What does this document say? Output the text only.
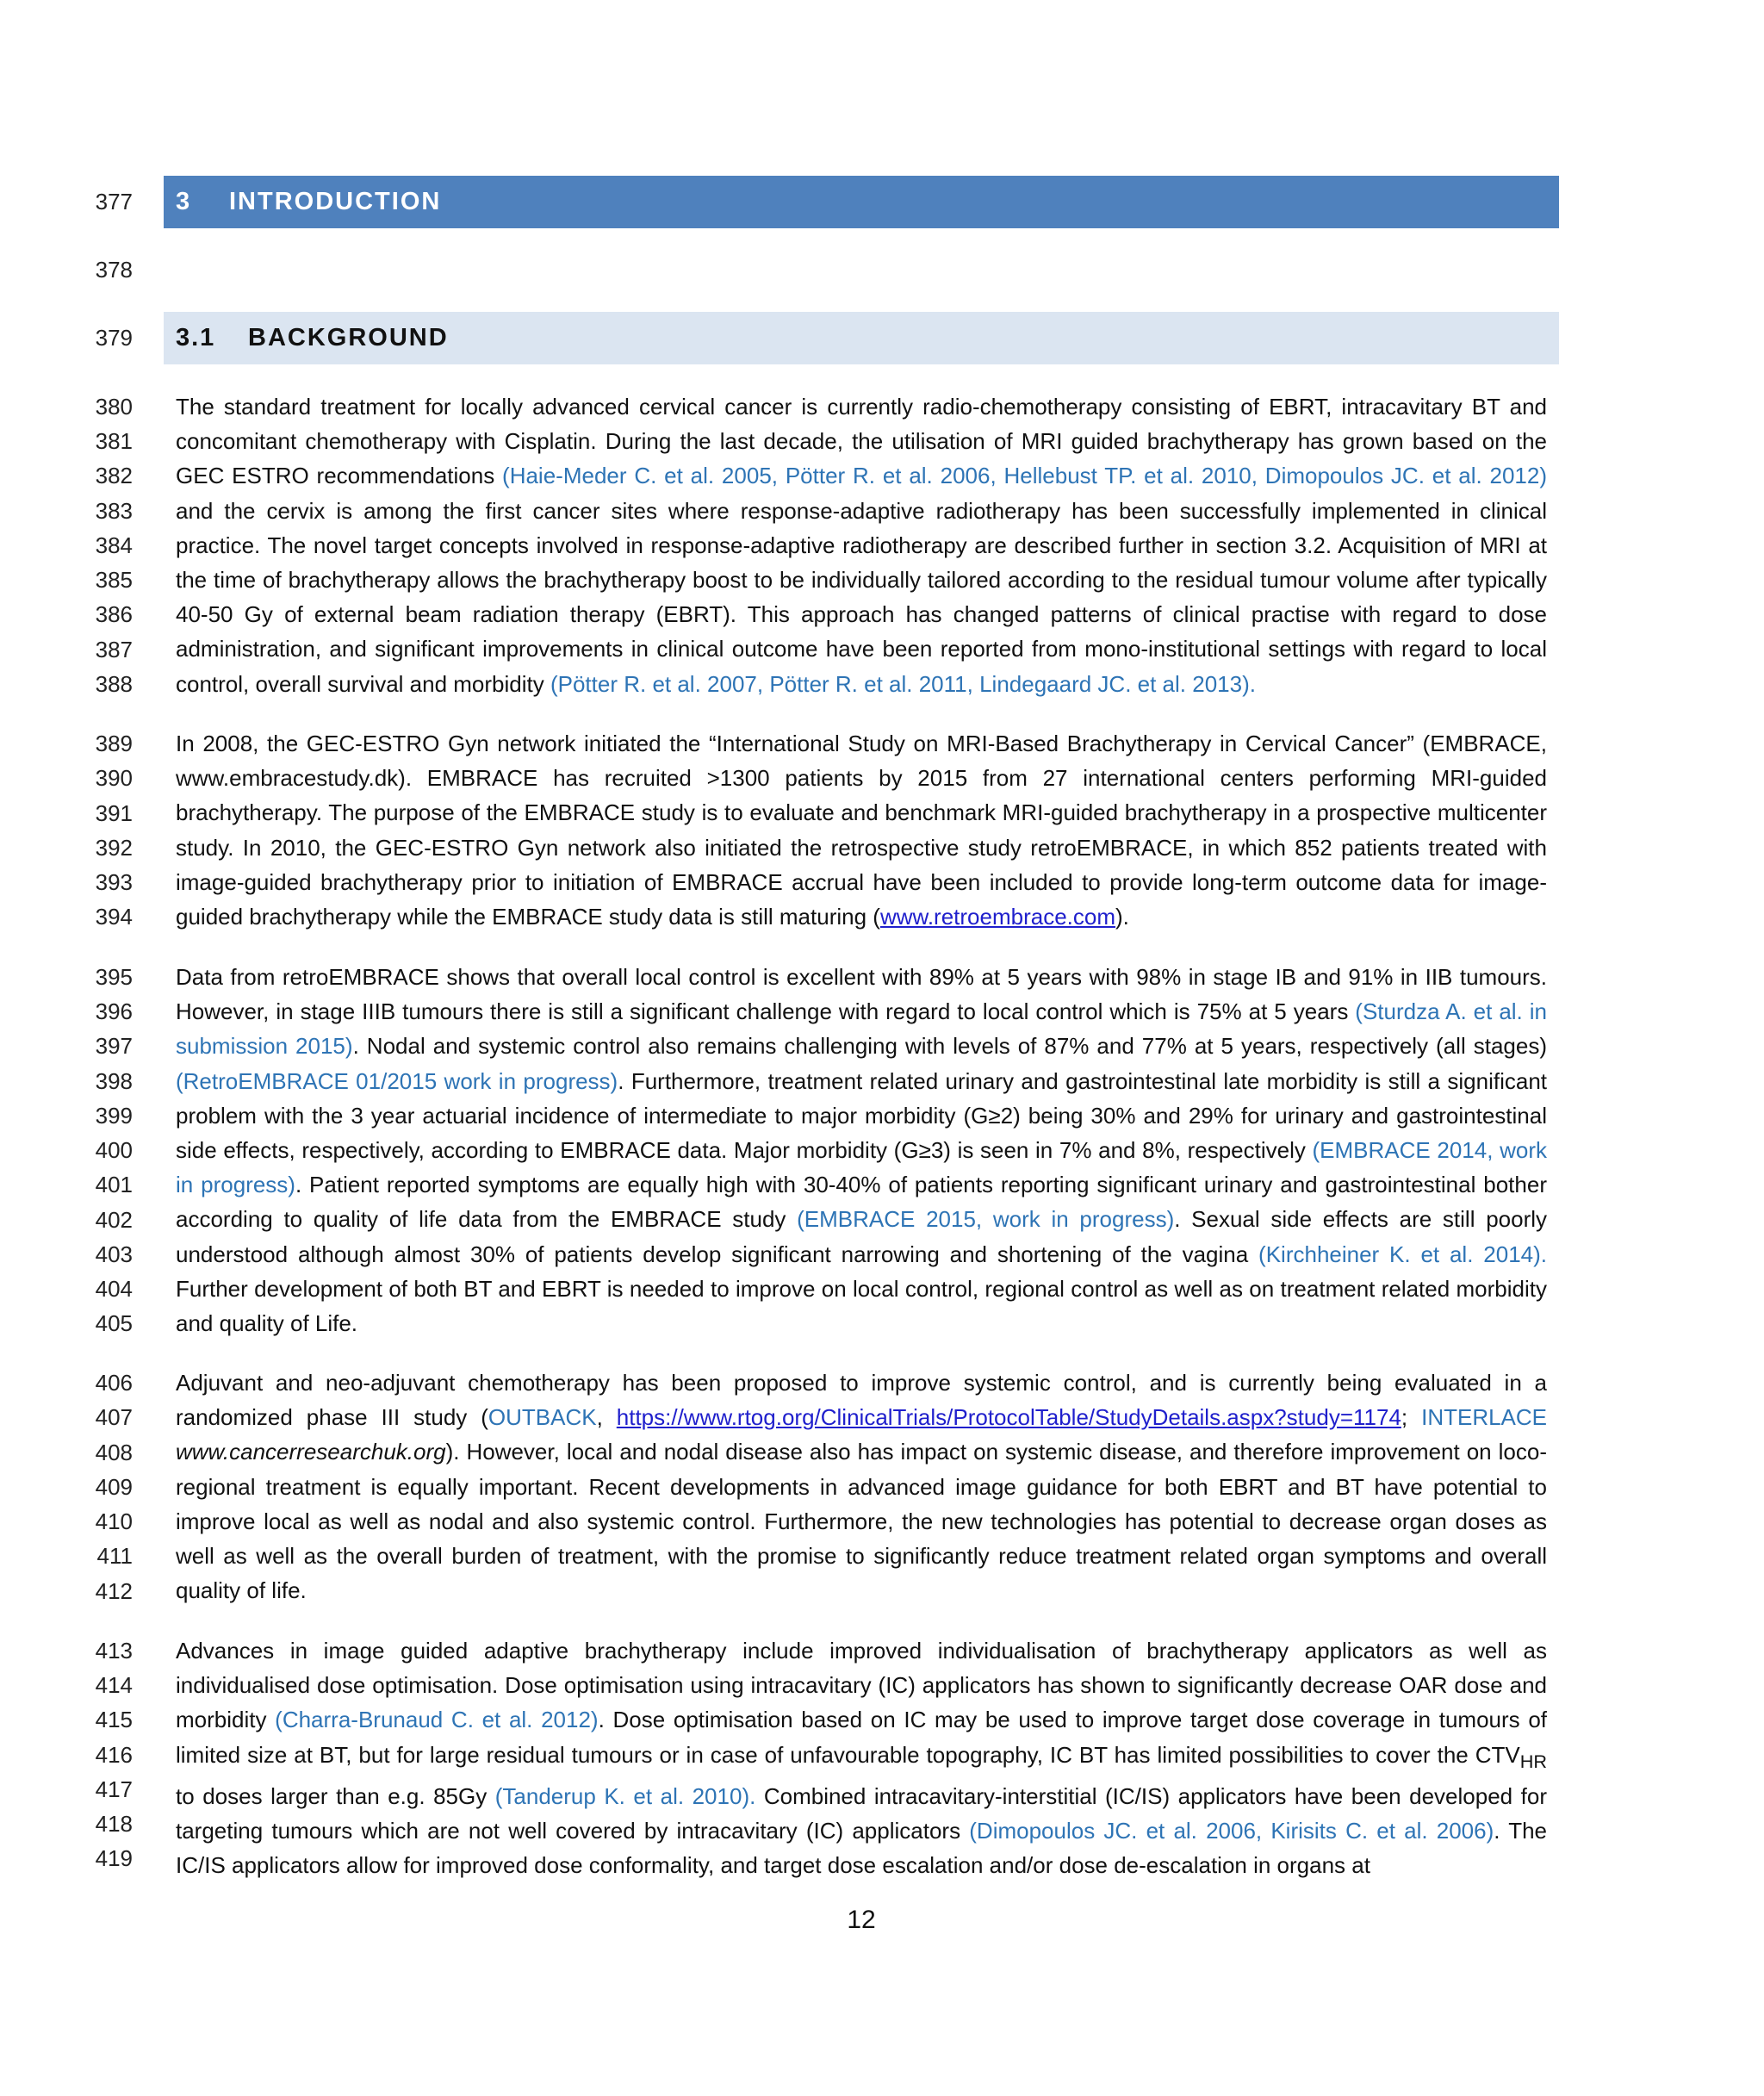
377
378
379
3	INTRODUCTION
3.1	BACKGROUND
380
381
382
383
384
385
386
387
388

The standard treatment for locally advanced cervical cancer is currently radio-chemotherapy consisting of EBRT, intracavitary BT and concomitant chemotherapy with Cisplatin. During the last decade, the utilisation of MRI guided brachytherapy has grown based on the GEC ESTRO recommendations (Haie-Meder C. et al. 2005, Pötter R. et al. 2006, Hellebust TP. et al. 2010, Dimopoulos JC. et al. 2012) and the cervix is among the first cancer sites where response-adaptive radiotherapy has been successfully implemented in clinical practice. The novel target concepts involved in response-adaptive radiotherapy are described further in section 3.2. Acquisition of MRI at the time of brachytherapy allows the brachytherapy boost to be individually tailored according to the residual tumour volume after typically 40-50 Gy of external beam radiation therapy (EBRT). This approach has changed patterns of clinical practise with regard to dose administration, and significant improvements in clinical outcome have been reported from mono-institutional settings with regard to local control, overall survival and morbidity (Pötter R. et al. 2007, Pötter R. et al. 2011, Lindegaard JC. et al. 2013).

389
390
391
392
393
394

In 2008, the GEC-ESTRO Gyn network initiated the “International Study on MRI-Based Brachytherapy in Cervical Cancer” (EMBRACE, www.embracestudy.dk). EMBRACE has recruited >1300 patients by 2015 from 27 international centers performing MRI-guided brachytherapy. The purpose of the EMBRACE study is to evaluate and benchmark MRI-guided brachytherapy in a prospective multicenter study. In 2010, the GEC-ESTRO Gyn network also initiated the retrospective study retroEMBRACE, in which 852 patients treated with image-guided brachytherapy prior to initiation of EMBRACE accrual have been included to provide long-term outcome data for image-guided brachytherapy while the EMBRACE study data is still maturing (www.retroembrace.com).

395
396
397
398
399
400
401
402
403
404
405

Data from retroEMBRACE shows that overall local control is excellent with 89% at 5 years with 98% in stage IB and 91% in IIB tumours. However, in stage IIIB tumours there is still a significant challenge with regard to local control which is 75% at 5 years (Sturdza A. et al. in submission 2015). Nodal and systemic control also remains challenging with levels of 87% and 77% at 5 years, respectively (all stages) (RetroEMBRACE 01/2015 work in progress). Furthermore, treatment related urinary and gastrointestinal late morbidity is still a significant problem with the 3 year actuarial incidence of intermediate to major morbidity (G≥2) being 30% and 29% for urinary and gastrointestinal side effects, respectively, according to EMBRACE data. Major morbidity (G≥3) is seen in 7% and 8%, respectively (EMBRACE 2014, work in progress). Patient reported symptoms are equally high with 30-40% of patients reporting significant urinary and gastrointestinal bother according to quality of life data from the EMBRACE study (EMBRACE 2015, work in progress). Sexual side effects are still poorly understood although almost 30% of patients develop significant narrowing and shortening of the vagina (Kirchheiner K. et al. 2014). Further development of both BT and EBRT is needed to improve on local control, regional control as well as on treatment related morbidity and quality of Life.

406
407
408
409
410
411
412

Adjuvant and neo-adjuvant chemotherapy has been proposed to improve systemic control, and is currently being evaluated in a randomized phase III study (OUTBACK, https://www.rtog.org/ClinicalTrials/ProtocolTable/StudyDetails.aspx?study=1174; INTERLACE www.cancerresearchuk.org). However, local and nodal disease also has impact on systemic disease, and therefore improvement on loco-regional treatment is equally important. Recent developments in advanced image guidance for both EBRT and BT have potential to improve local as well as nodal and also systemic control. Furthermore, the new technologies has potential to decrease organ doses as well as well as the overall burden of treatment, with the promise to significantly reduce treatment related organ symptoms and overall quality of life.

413
414
415
416
417
418
419

Advances in image guided adaptive brachytherapy include improved individualisation of brachytherapy applicators as well as individualised dose optimisation. Dose optimisation using intracavitary (IC) applicators has shown to significantly decrease OAR dose and morbidity (Charra-Brunaud C. et al. 2012). Dose optimisation based on IC may be used to improve target dose coverage in tumours of limited size at BT, but for large residual tumours or in case of unfavourable topography, IC BT has limited possibilities to cover the $CTV_{HR}$ to doses larger than e.g. 85Gy (Tanderup K. et al. 2010). Combined intracavitary-interstitial (IC/IS) applicators have been developed for targeting tumours which are not well covered by intracavitary (IC) applicators (Dimopoulos JC. et al. 2006, Kirisits C. et al. 2006). The IC/IS applicators allow for improved dose conformality, and target dose escalation and/or dose de-escalation in organs at

12
